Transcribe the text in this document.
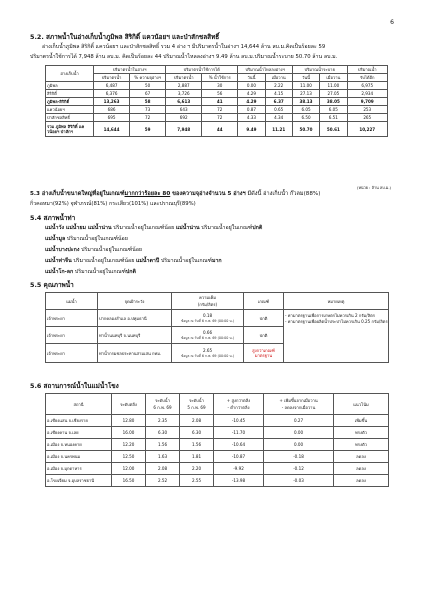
6
5.2. สภาพน้ำในอ่างเก็บน้ำภูมิพล สิริกิติ์ แควน้อยฯ และป่าสักชลสิทธิ์
อ่างเก็บน้ำภูมิพล สิริกิติ์ แควน้อยฯ และป่าสักชลสิทธิ์ รวม 4 อ่าง ฯ มีปริมาตรน้ำในอ่างฯ 14,644 ล้าน ลบ.ม.คิดเป็นร้อยละ 59
ปริมาตรน้ำใช้การได้ 7,948 ล้าน ลบ.ม. คิดเป็นร้อยละ 44 ปริมาณน้ำไหลลงอ่างฯ 9.49 ล้าน ลบ.ม.ปริมาณน้ำระบาย 50.70 ล้าน ลบ.ม.
อ่างเก็บน้ำ	ปริมาตรน้ำในอ่างฯ		ปริมาตรน้ำใช้การได้		ปริมาณน้ำไหลลงอ่างฯ		ปริมาณน้ำระบาย		ปริมาณน้ำ
	ปริมาตรน้ำ	% ความจุอ่างฯ	ปริมาตรน้ำ	% น้ำใช้การ	วันนี้	เมื่อวาน	วันนี้	เมื่อวาน	รับได้อีก
ภูมิพล	6,487	50	2,887	30	0.00	2.22	11.00	11.00	6,975
สิริกิติ์	6,376	67	3,726	56	4.29	4.15	27.13	27.05	2,934
ภูมิพล-สิริกิติ์	13,263	58	6,613	41	4.29	6.37	38.13	38.05	9,709
แควน้อยฯ	686	73	643	72	0.87	0.65	6.05	6.05	253
ป่าสักชลสิทธิ์	695	72	692	72	4.33	4.34	6.50	6.51	265
รวม ภูมิพล สิริกิติ์ แควน้อยฯ ป่าสักฯ	14,644	59	7,948	44	9.49	11.21	50.70	50.61	10,227
(หน่วย : ล้าน ลบ.ม.)
5.3 อ่างเก็บน้ำขนาดใหญ่ที่อยู่ในเกณฑ์มากกว่าร้อยละ 80 ของความจุอ่างจำนวน 5 อ่างฯ มีดังนี้ อ่างเก็บน้ำ ก๊วลม(88%)
กิ่วคอหมา(92%) จุฬาภรณ์(81%) กระเสียว(101%) และปราณบุรี(89%)
5.4 สภาพน้ำท่า
แม่น้ำวัง แม่น้ำยม แม่น้ำน่าน ปริมาณน้ำอยู่ในเกณฑ์น้อย แม่น้ำน่าน ปริมาณน้ำอยู่ในเกณฑ์ปกติ
แม่น้ำมูล ปริมาณน้ำอยู่ในเกณฑ์น้อย
แม่น้ำบางปะกง ปริมาณน้ำอยู่ในเกณฑ์น้อย
แม่น้ำท่าจีน ปริมาณน้ำอยู่ในเกณฑ์น้อย แม่น้ำตาปี ปริมาณน้ำอยู่ในเกณฑ์มาก
แม่น้ำโก-ลก ปริมาณน้ำอยู่ในเกณฑ์ปกติ
5.5 คุณภาพน้ำ
แม่น้ำ	จุดเฝ้าระวัง	ความเค็ม
(กรัม/ลิตร)	เกณฑ์	หมายเหตุ
เจ้าพระยา	ปากคลองสำแล อ.ปทุมธานี	0.18
ข้อมูล ณ วันที่ 6 ก.พ. 69 (00:00 น.)	ปกติ	- ค่ามาตรฐานเพื่อการเกษตรไม่ควรเกิน 2 กรัม/ลิตร
- ค่ามาตรฐานเพื่อผลิตน้ำประปาไม่ควรเกิน 0.25 กรัม/ลิตร
เจ้าพระยา	ท่าน้ำนนทบุรี จ.นนทบุรี	0.66
ข้อมูล ณ วันที่ 6 ก.พ. 69 (00:00 น.)	ปกติ	
เจ้าพระยา	ท่าน้ำกรมชลประทานสามเสน กทม.	2.65
ข้อมูล ณ วันที่ 6 ก.พ. 69 (00:00 น.)	สูงกว่าเกณฑ์มาตรฐาน	
5.6 สถานการณ์น้ำในแม่น้ำโขง
สถานี	ระดับตลิ่ง	ระดับน้ำ
6 ก.พ. 69	ระดับน้ำ
5 ก.พ. 69	+ สูงกว่าตลิ่ง
- ต่ำกว่าตลิ่ง	+ เพิ่มขึ้นจากเมื่อวาน
- ลดลงจากเมื่อวาน	แนวโน้ม
อ.เชียงแสน จ.เชียงราย	12.80	2.35	2.08	-10.45	0.27	เพิ่มขึ้น
อ.เชียงคาน จ.เลย	16.00	6.30	6.30	-11.70	0.00	ทรงตัว
อ.เมือง จ.หนองคาย	12.20	1.56	1.56	-10.64	0.00	ทรงตัว
อ.เมือง จ.นครพนม	12.50	1.63	1.81	-10.87	-0.18	ลดลง
อ.เมือง จ.มุกดาหาร	12.00	2.08	2.20	-9.92	-0.12	ลดลง
อ.โขงเจียม จ.อุบลราชธานี	16.50	2.52	2.55	-13.98	-0.03	ลดลง
